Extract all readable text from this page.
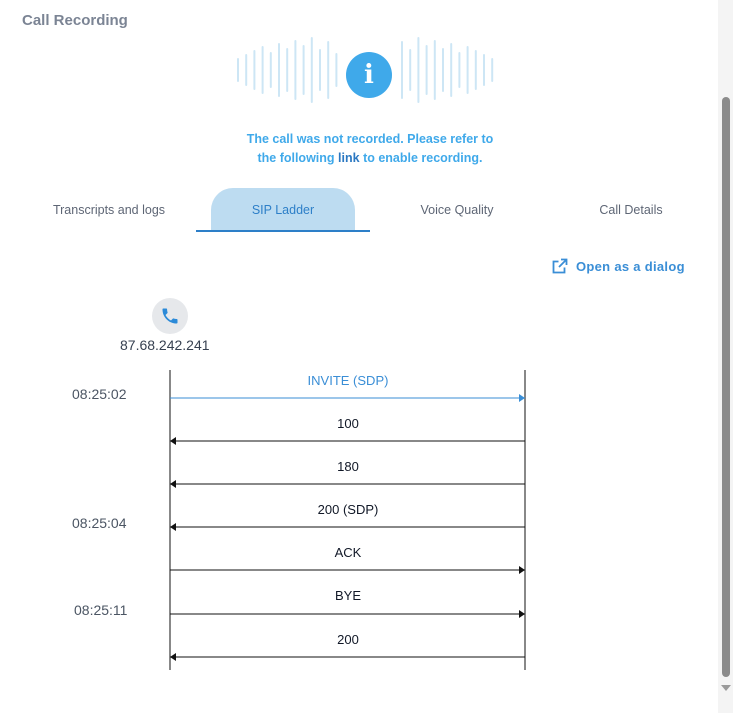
Call Recording
i
The call was not recorded. Please refer to
the following link to enable recording.
Transcripts and logs	SIP Ladder	Voice Quality	Call Details
Open as a dialog
87.68.242.241
08:25:02
08:25:04
08:25:11
INVITE (SDP)
100
180
200 (SDP)
ACK
BYE
200
